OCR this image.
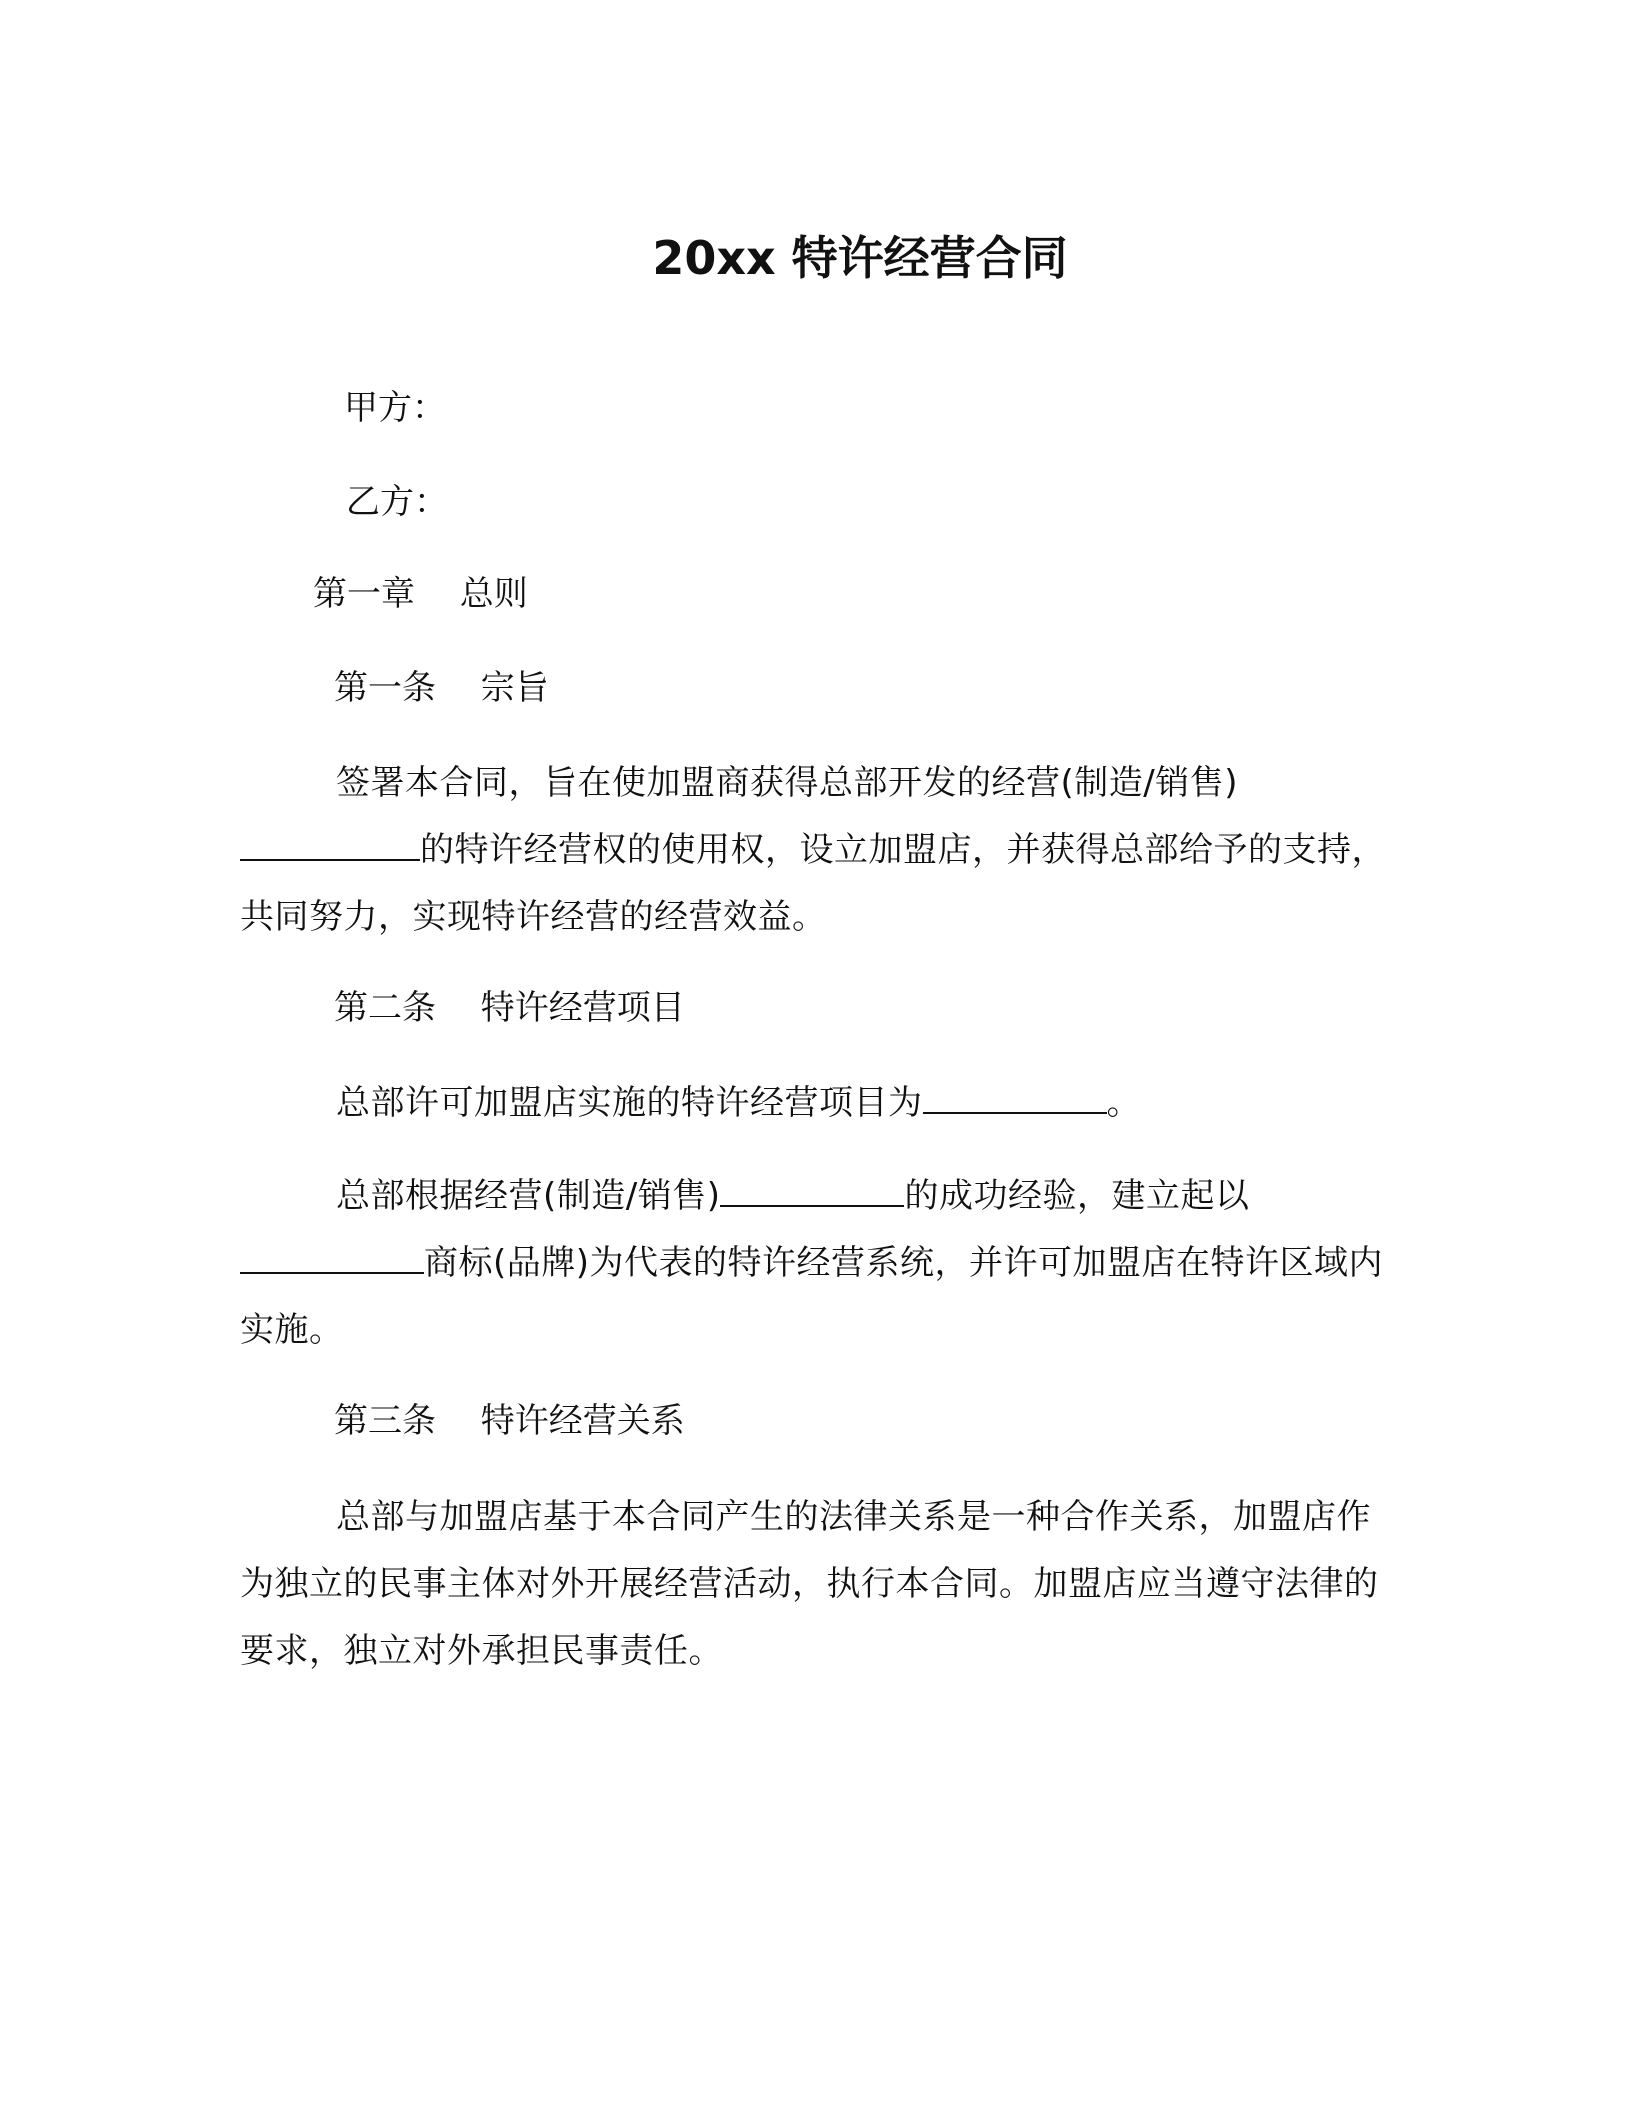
20xx 特许经营合同
甲方：
乙方：
第一章　 总则
第一条　 宗旨
签署本合同，旨在使加盟商获得总部开发的经营(制造/销售)的特许经营权的使用权，设立加盟店，并获得总部给予的支持，共同努力，实现特许经营的经营效益。
第二条　 特许经营项目
总部许可加盟店实施的特许经营项目为	。
总部根据经营(制造/销售)	的成功经验，建立起以商标(品牌)为代表的特许经营系统，并许可加盟店在特许区域内实施。
第三条　 特许经营关系
总部与加盟店基于本合同产生的法律关系是一种合作关系，加盟店作为独立的民事主体对外开展经营活动，执行本合同。加盟店应当遵守法律的要求，独立对外承担民事责任。
